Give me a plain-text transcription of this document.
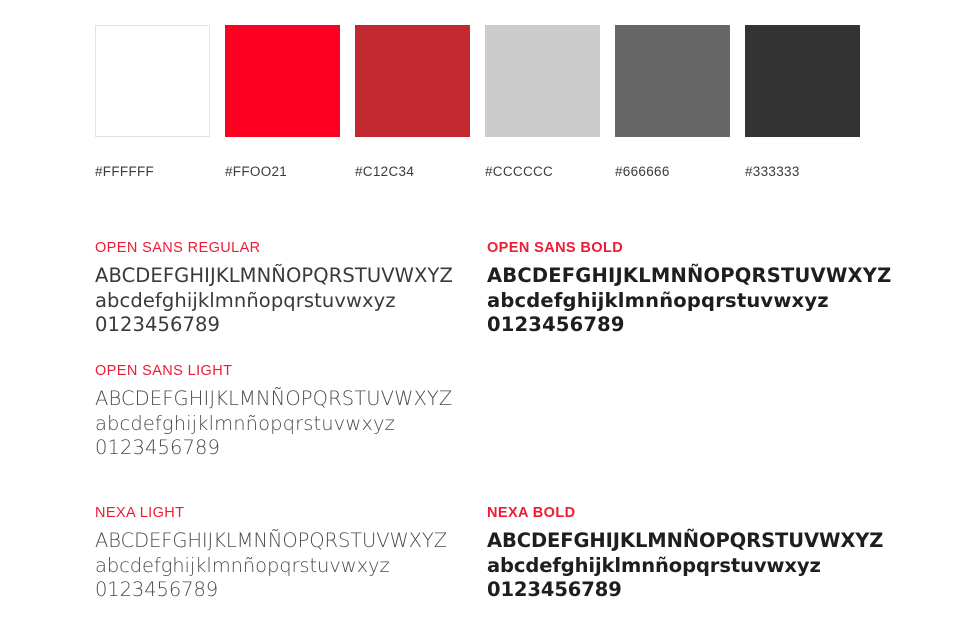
#FFFFFF	#FFOO21	#C12C34	#CCCCCC	#666666	#333333
OPEN SANS REGULAR
ABCDEFGHIJKLMNÑOPQRSTUVWXYZ
abcdefghijklmnñopqrstuvwxyz
0123456789
OPEN SANS LIGHT
ABCDEFGHIJKLMNÑOPQRSTUVWXYZ
abcdefghijklmnñopqrstuvwxyz
0123456789
NEXA LIGHT
ABCDEFGHIJKLMNÑOPQRSTUVWXYZ
abcdefghijklmnñopqrstuvwxyz
0123456789
OPEN SANS BOLD
ABCDEFGHIJKLMNÑOPQRSTUVWXYZ
abcdefghijklmnñopqrstuvwxyz
0123456789
NEXA BOLD
ABCDEFGHIJKLMNÑOPQRSTUVWXYZ
abcdefghijklmnñopqrstuvwxyz
0123456789
